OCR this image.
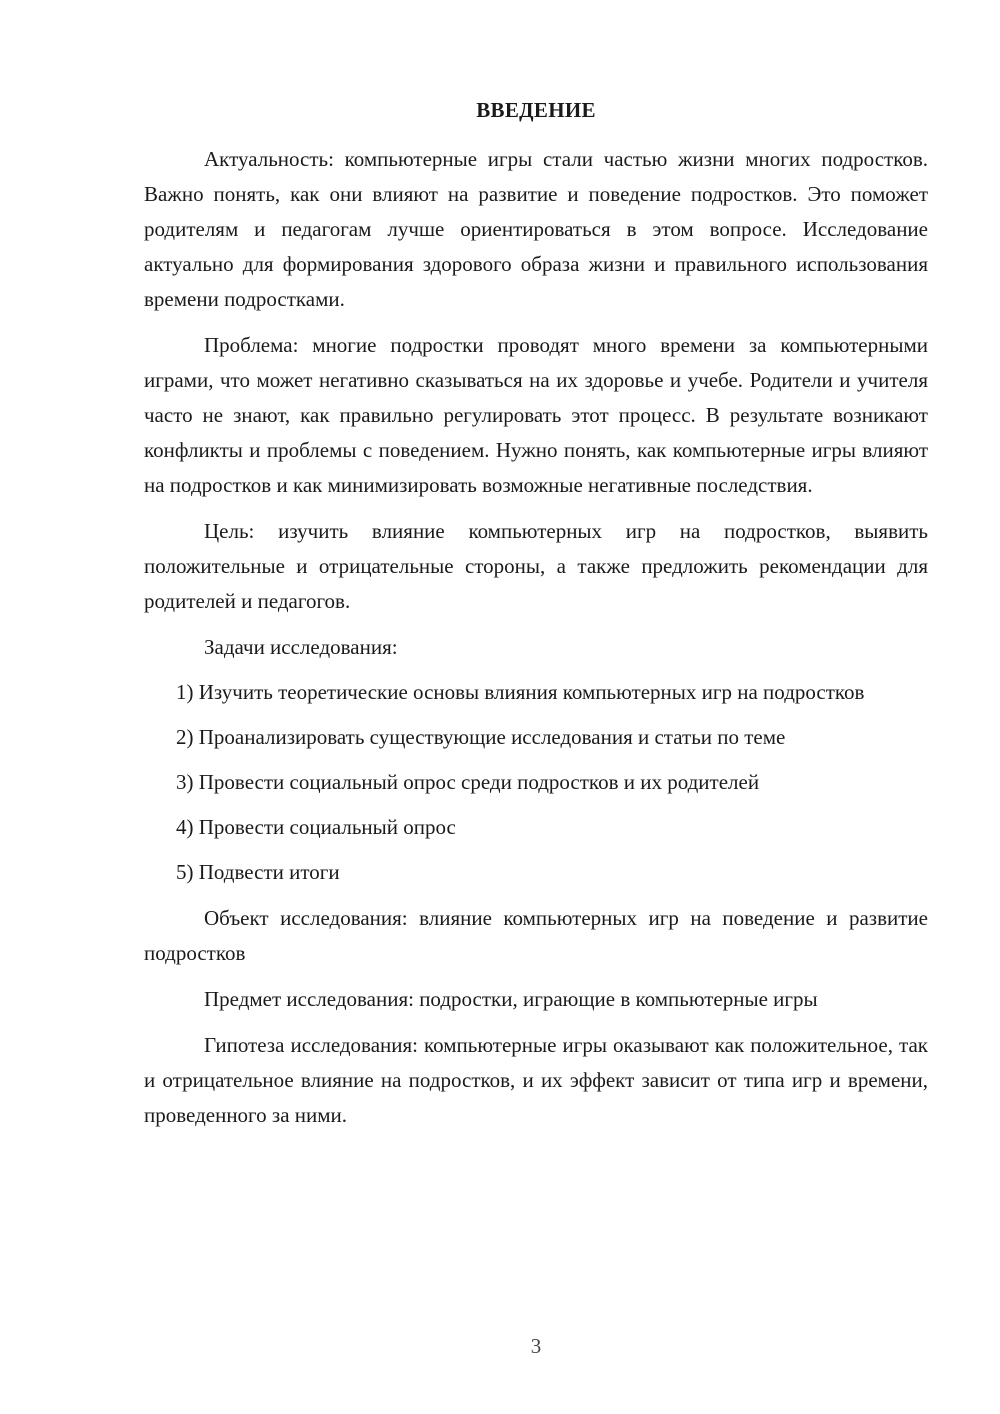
ВВЕДЕНИЕ

Актуальность: компьютерные игры стали частью жизни многих подростков. Важно понять, как они влияют на развитие и поведение подростков. Это поможет родителям и педагогам лучше ориентироваться в этом вопросе. Исследование актуально для формирования здорового образа жизни и правильного использования времени подростками.

Проблема: многие подростки проводят много времени за компьютерными играми, что может негативно сказываться на их здоровье и учебе. Родители и учителя часто не знают, как правильно регулировать этот процесс. В результате возникают конфликты и проблемы с поведением. Нужно понять, как компьютерные игры влияют на подростков и как минимизировать возможные негативные последствия.

Цель: изучить влияние компьютерных игр на подростков, выявить положительные и отрицательные стороны, а также предложить рекомендации для родителей и педагогов.

Задачи исследования:

1) Изучить теоретические основы влияния компьютерных игр на подростков

2) Проанализировать существующие исследования и статьи по теме

3) Провести социальный опрос среди подростков и их родителей

4) Провести социальный опрос

5) Подвести итоги

Объект исследования: влияние компьютерных игр на поведение и развитие подростков

Предмет исследования: подростки, играющие в компьютерные игры

Гипотеза исследования: компьютерные игры оказывают как положительное, так и отрицательное влияние на подростков, и их эффект зависит от типа игр и времени, проведенного за ними.

3
